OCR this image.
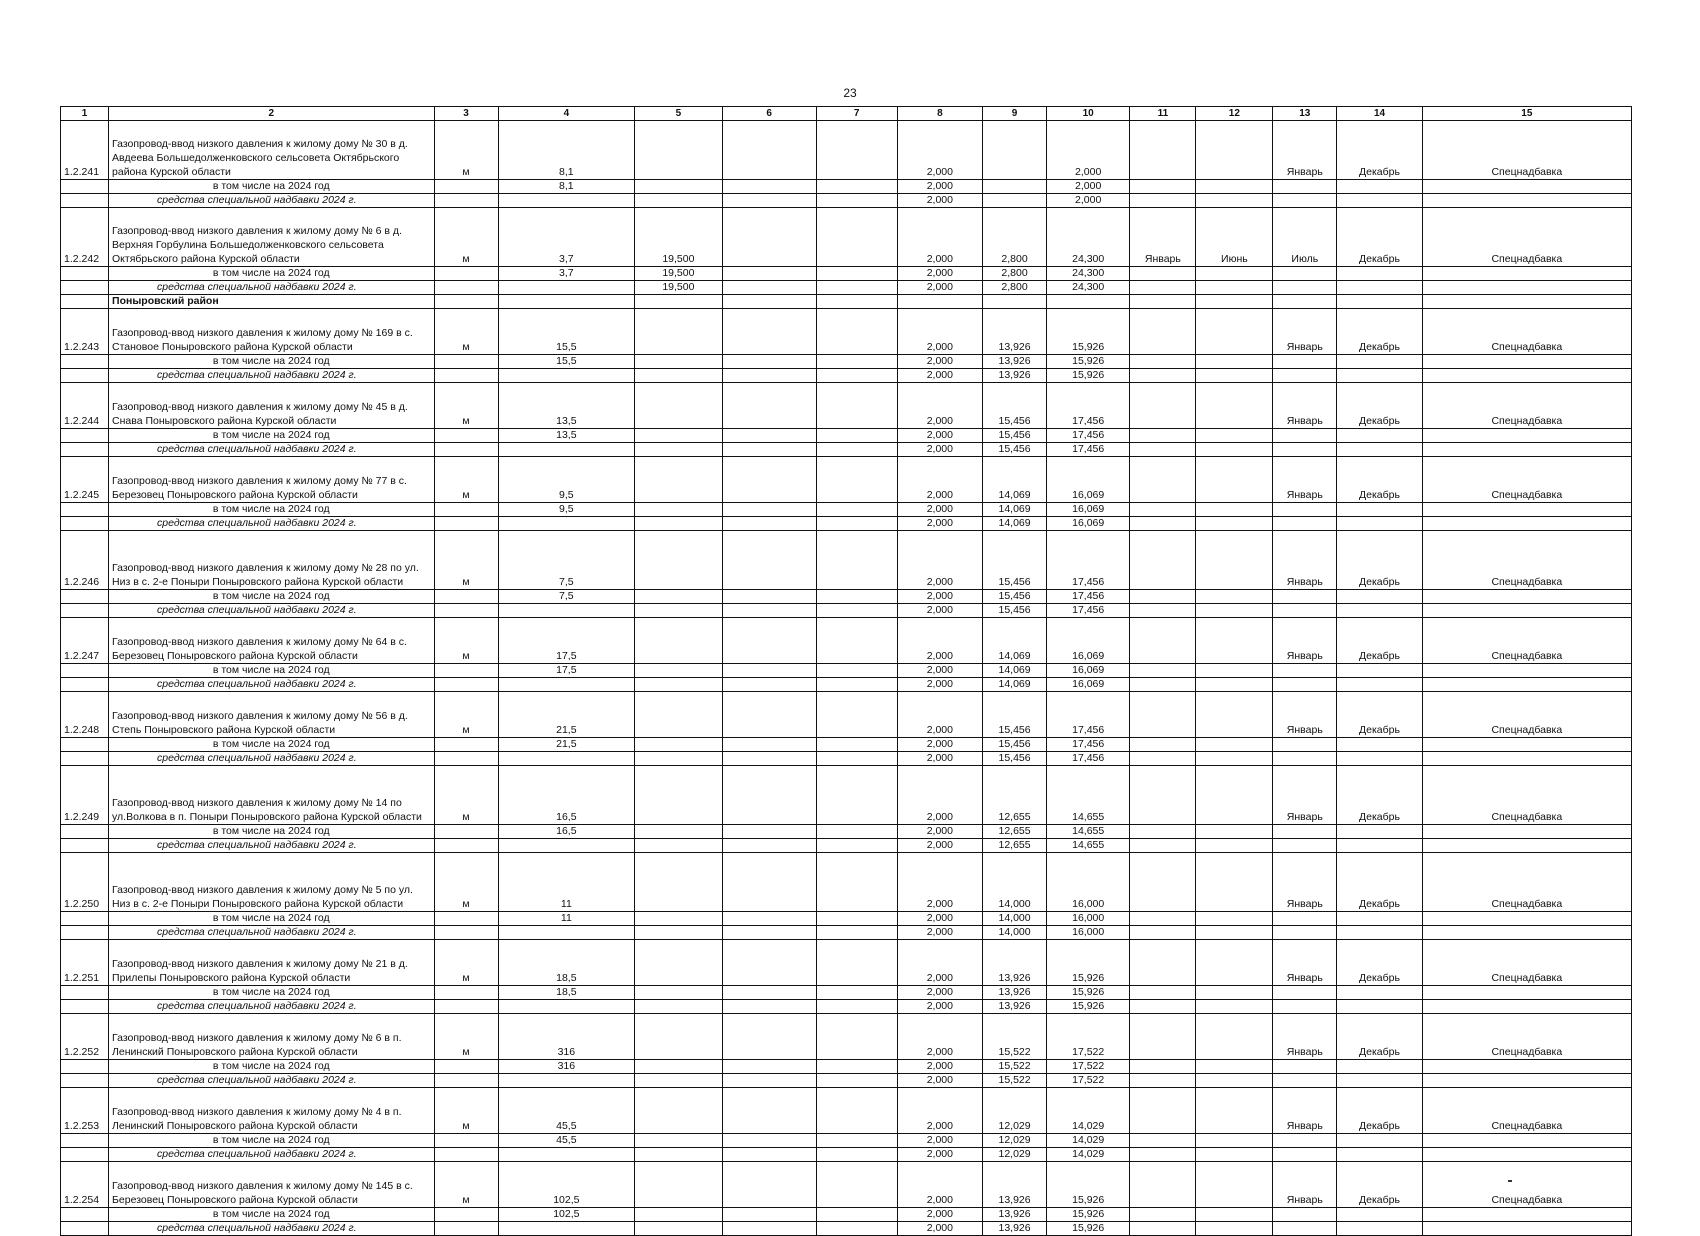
23
1	2	3	4	5	6	7	8	9	10	11	12	13	14	15
1.2.241	Газопровод-ввод низкого давления к жилому дому № 30 в д. Авдеева Большедолженковского сельсовета Октябрьского района Курской области	м	8,1				2,000		2,000			Январь	Декабрь	Спецнадбавка
	в том числе на 2024 год		8,1				2,000		2,000					
	средства специальной надбавки 2024 г.						2,000		2,000					
1.2.242	Газопровод-ввод низкого давления к жилому дому № 6 в д. Верхняя Горбулина Большедолженковского сельсовета Октябрьского района Курской области	м	3,7	19,500			2,000	2,800	24,300	Январь	Июнь	Июль	Декабрь	Спецнадбавка
	в том числе на 2024 год		3,7	19,500			2,000	2,800	24,300					
	средства специальной надбавки 2024 г.			19,500			2,000	2,800	24,300					
	Поныровский район													
1.2.243	Газопровод-ввод низкого давления к жилому дому № 169 в с. Становое Поныровского района Курской области	м	15,5				2,000	13,926	15,926			Январь	Декабрь	Спецнадбавка
	в том числе на 2024 год		15,5				2,000	13,926	15,926					
	средства специальной надбавки 2024 г.						2,000	13,926	15,926					
1.2.244	Газопровод-ввод низкого давления к жилому дому № 45 в д. Снава Поныровского района Курской области	м	13,5				2,000	15,456	17,456			Январь	Декабрь	Спецнадбавка
	в том числе на 2024 год		13,5				2,000	15,456	17,456					
	средства специальной надбавки 2024 г.						2,000	15,456	17,456					
1.2.245	Газопровод-ввод низкого давления к жилому дому № 77 в с. Березовец Поныровского района Курской области	м	9,5				2,000	14,069	16,069			Январь	Декабрь	Спецнадбавка
	в том числе на 2024 год		9,5				2,000	14,069	16,069					
	средства специальной надбавки 2024 г.						2,000	14,069	16,069					
1.2.246	Газопровод-ввод низкого давления к жилому дому № 28 по ул. Низ в с. 2-е Поныри Поныровского района Курской области	м	7,5				2,000	15,456	17,456			Январь	Декабрь	Спецнадбавка
	в том числе на 2024 год		7,5				2,000	15,456	17,456					
	средства специальной надбавки 2024 г.						2,000	15,456	17,456					
1.2.247	Газопровод-ввод низкого давления к жилому дому № 64 в с. Березовец Поныровского района Курской области	м	17,5				2,000	14,069	16,069			Январь	Декабрь	Спецнадбавка
	в том числе на 2024 год		17,5				2,000	14,069	16,069					
	средства специальной надбавки 2024 г.						2,000	14,069	16,069					
1.2.248	Газопровод-ввод низкого давления к жилому дому № 56 в д. Степь Поныровского района Курской области	м	21,5				2,000	15,456	17,456			Январь	Декабрь	Спецнадбавка
	в том числе на 2024 год		21,5				2,000	15,456	17,456					
	средства специальной надбавки 2024 г.						2,000	15,456	17,456					
1.2.249	Газопровод-ввод низкого давления к жилому дому № 14 по ул.Волкова в п. Поныри Поныровского района Курской области	м	16,5				2,000	12,655	14,655			Январь	Декабрь	Спецнадбавка
	в том числе на 2024 год		16,5				2,000	12,655	14,655					
	средства специальной надбавки 2024 г.						2,000	12,655	14,655					
1.2.250	Газопровод-ввод низкого давления к жилому дому № 5 по ул. Низ в с. 2-е Поныри Поныровского района Курской области	м	11				2,000	14,000	16,000			Январь	Декабрь	Спецнадбавка
	в том числе на 2024 год		11				2,000	14,000	16,000					
	средства специальной надбавки 2024 г.						2,000	14,000	16,000					
1.2.251	Газопровод-ввод низкого давления к жилому дому № 21 в д. Прилепы Поныровского района Курской области	м	18,5				2,000	13,926	15,926			Январь	Декабрь	Спецнадбавка
	в том числе на 2024 год		18,5				2,000	13,926	15,926					
	средства специальной надбавки 2024 г.						2,000	13,926	15,926					
1.2.252	Газопровод-ввод низкого давления к жилому дому № 6 в п. Ленинский Поныровского района Курской области	м	316				2,000	15,522	17,522			Январь	Декабрь	Спецнадбавка
	в том числе на 2024 год		316				2,000	15,522	17,522					
	средства специальной надбавки 2024 г.						2,000	15,522	17,522					
1.2.253	Газопровод-ввод низкого давления к жилому дому № 4 в п. Ленинский Поныровского района Курской области	м	45,5				2,000	12,029	14,029			Январь	Декабрь	Спецнадбавка
	в том числе на 2024 год		45,5				2,000	12,029	14,029					
	средства специальной надбавки 2024 г.						2,000	12,029	14,029					
1.2.254	Газопровод-ввод низкого давления к жилому дому № 145 в с. Березовец Поныровского района Курской области	м	102,5				2,000	13,926	15,926			Январь	Декабрь	Спецнадбавка
	в том числе на 2024 год		102,5				2,000	13,926	15,926					
	средства специальной надбавки 2024 г.						2,000	13,926	15,926					
